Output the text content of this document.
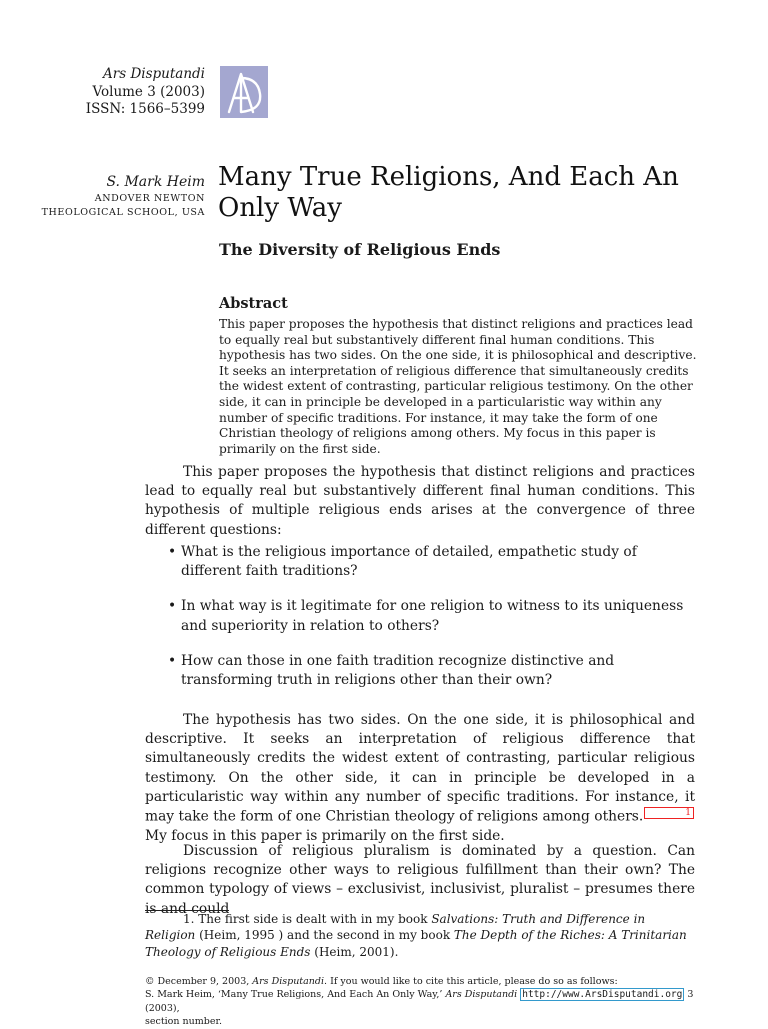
Ars Disputandi
Volume 3 (2003)
ISSN: 1566–5399
S. Mark Heim
ANDOVER NEWTON
THEOLOGICAL SCHOOL, USA
Many True Religions, And Each An Only Way
The Diversity of Religious Ends
Abstract
This paper proposes the hypothesis that distinct religions and practices lead to equally real but substantively different final human conditions. This hypothesis has two sides. On the one side, it is philosophical and descriptive. It seeks an interpretation of religious difference that simultaneously credits the widest extent of contrasting, particular religious testimony. On the other side, it can in principle be developed in a particularistic way within any number of specific traditions. For instance, it may take the form of one Christian theology of religions among others. My focus in this paper is primarily on the first side.
This paper proposes the hypothesis that distinct religions and practices lead to equally real but substantively different final human conditions. This hypothesis of multiple religious ends arises at the convergence of three different questions:
• What is the religious importance of detailed, empathetic study of different faith traditions?
• In what way is it legitimate for one religion to witness to its uniqueness and superiority in relation to others?
• How can those in one faith tradition recognize distinctive and transforming truth in religions other than their own?
The hypothesis has two sides. On the one side, it is philosophical and descriptive. It seeks an interpretation of religious difference that simultaneously credits the widest extent of contrasting, particular religious testimony. On the other side, it can in principle be developed in a particularistic way within any number of specific traditions. For instance, it may take the form of one Christian theology of religions among others.	1 My focus in this paper is primarily on the first side.
Discussion of religious pluralism is dominated by a question. Can religions recognize other ways to religious fulfillment than their own? The common typology of views – exclusivist, inclusivist, pluralist – presumes there is and could
1. The first side is dealt with in my book Salvations: Truth and Difference in Religion (Heim, 1995 ) and the second in my book The Depth of the Riches: A Trinitarian Theology of Religious Ends (Heim, 2001).
© December 9, 2003, Ars Disputandi. If you would like to cite this article, please do so as follows:
S. Mark Heim, ‘Many True Religions, And Each An Only Way,’ Ars Disputandi http://www.ArsDisputandi.org 3 (2003),
section number.
